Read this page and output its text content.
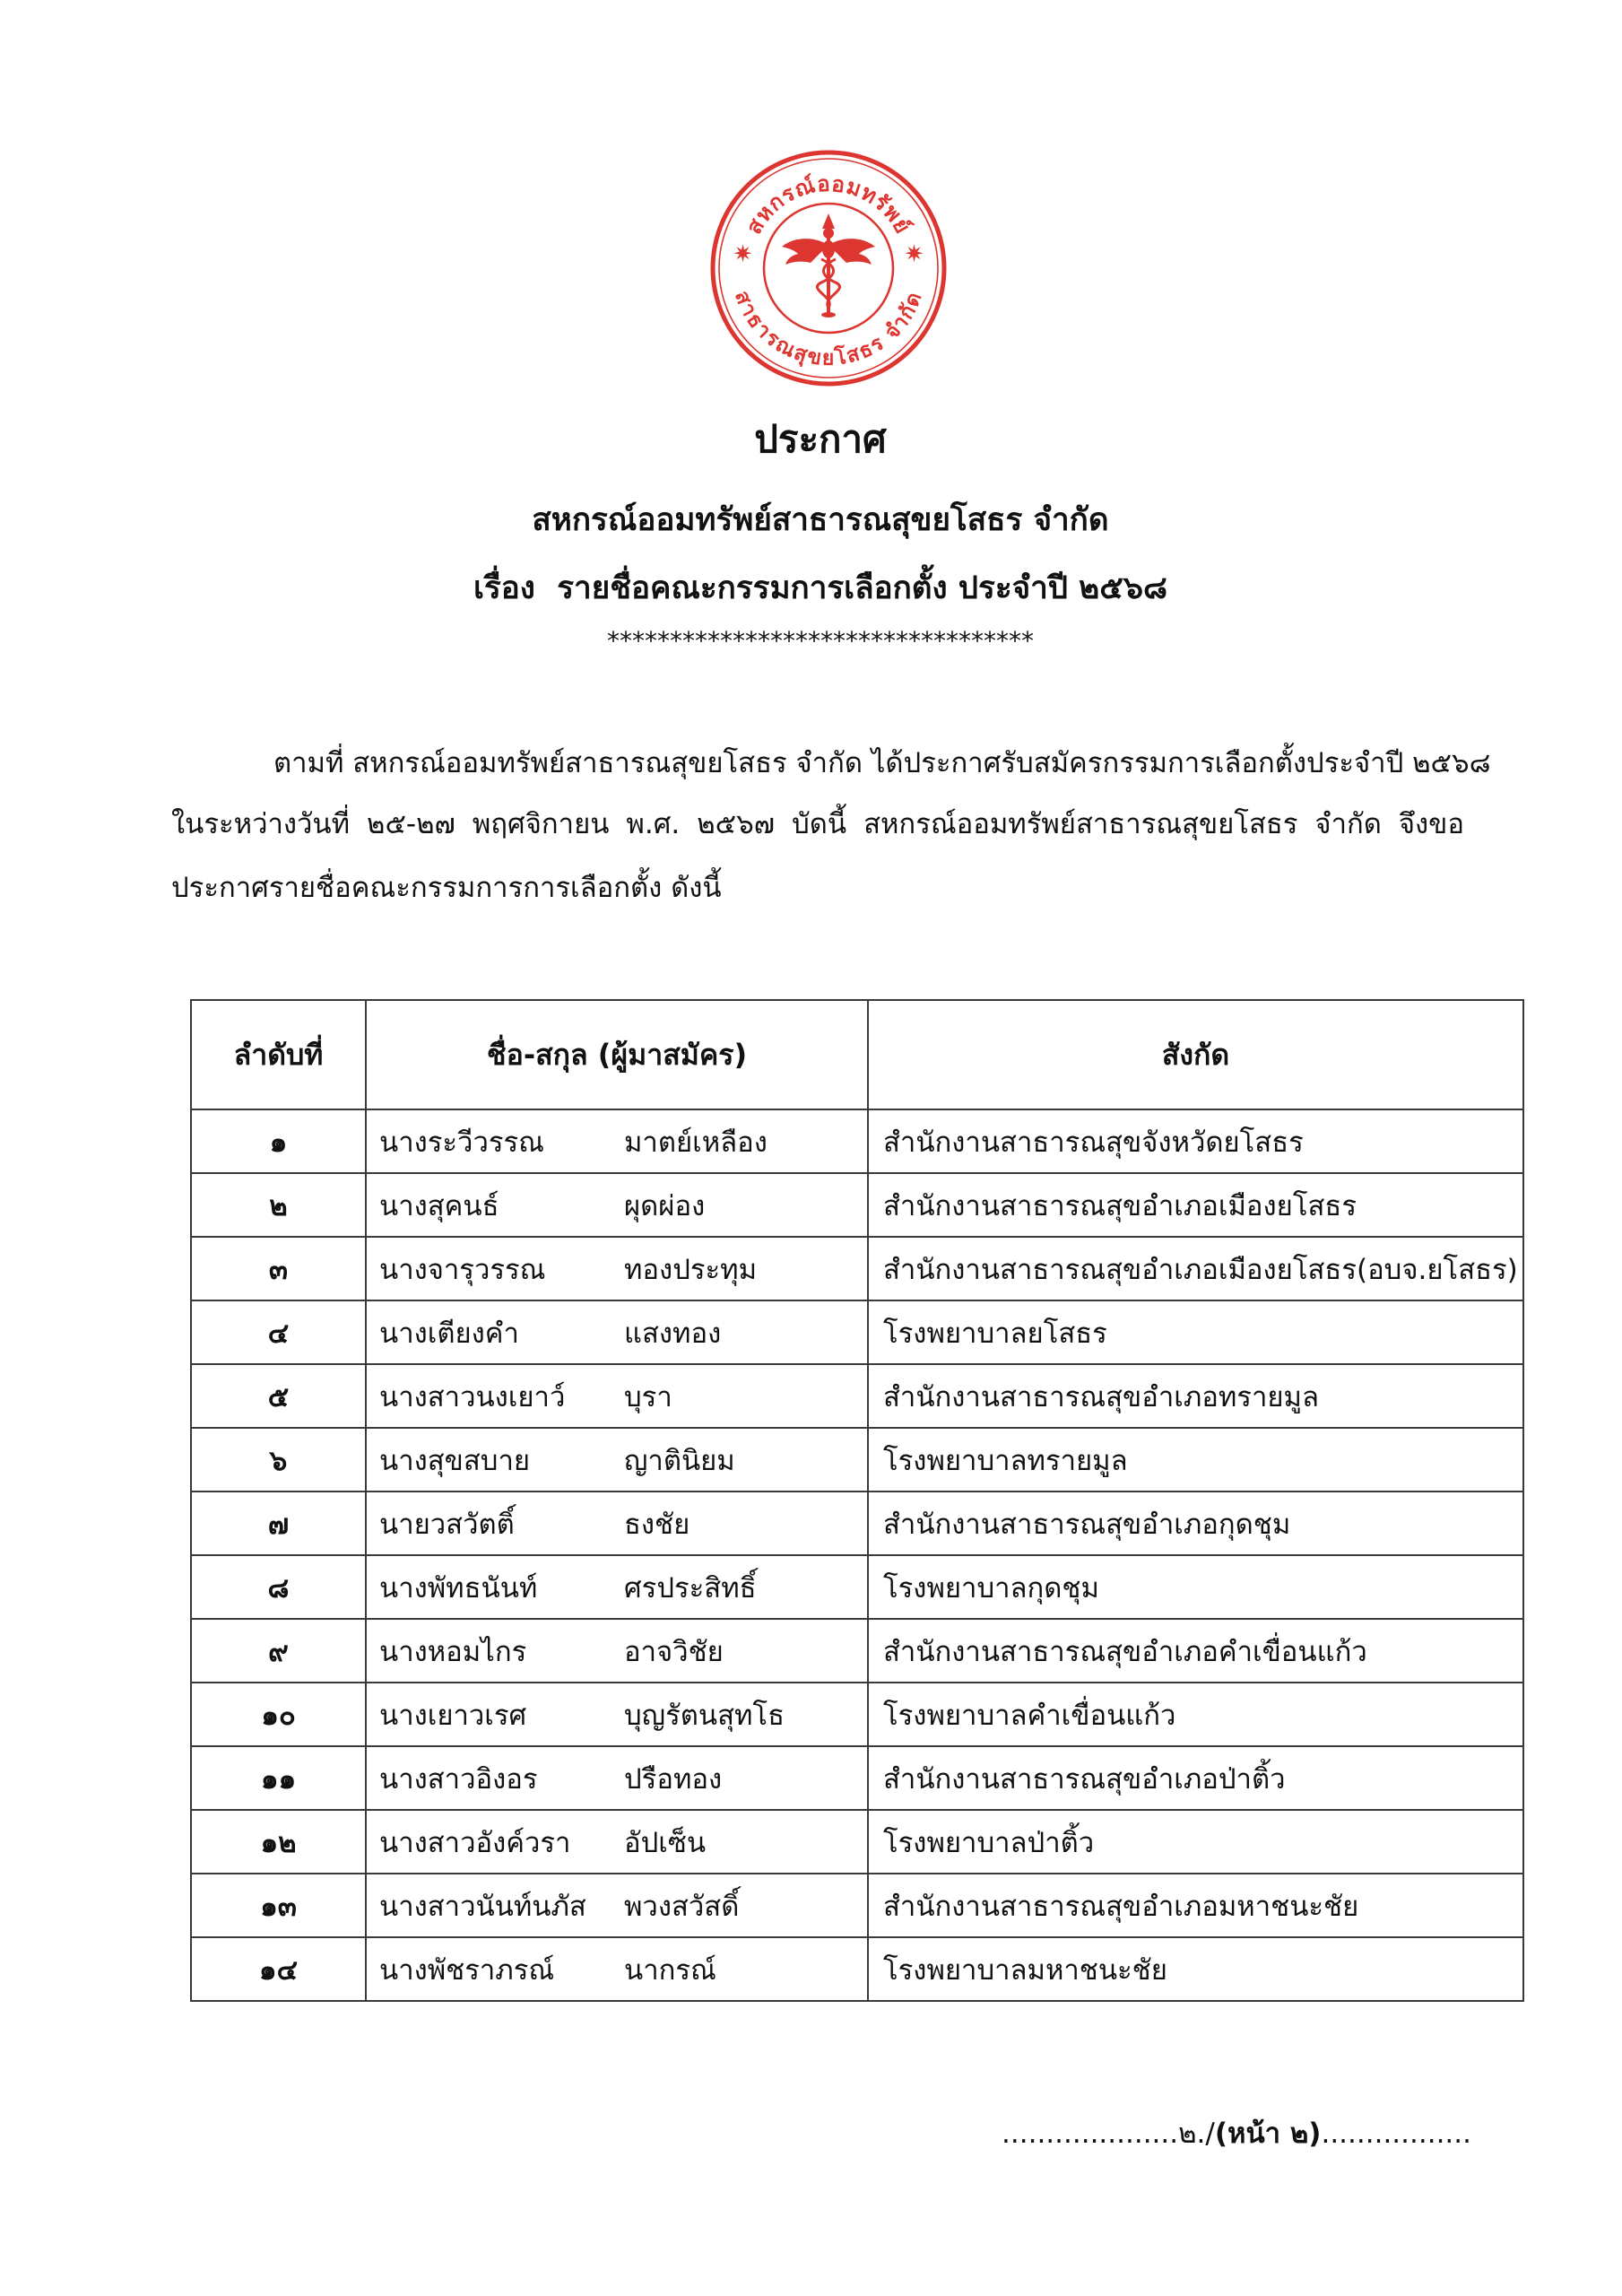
สหกรณ์ออมทรัพย์
สาธารณสุขยโสธร จำกัด
ประกาศ
สหกรณ์ออมทรัพย์สาธารณสุขยโสธร จำกัด
เรื่อง  รายชื่อคณะกรรมการเลือกตั้ง ประจำปี ๒๕๖๘
**********************************
ตามที่ สหกรณ์ออมทรัพย์สาธารณสุขยโสธร จำกัด ได้ประกาศรับสมัครกรรมการเลือกตั้งประจำปี ๒๕๖๘
ในระหว่างวันที่ ๒๕-๒๗ พฤศจิกายน พ.ศ. ๒๕๖๗ บัดนี้ สหกรณ์ออมทรัพย์สาธารณสุขยโสธร จำกัด จึงขอ
ประกาศรายชื่อคณะกรรมการการเลือกตั้ง ดังนี้
ลำดับที่	ชื่อ-สกุล (ผู้มาสมัคร)	สังกัด
๑	นางระวีวรรณ มาตย์เหลือง	สำนักงานสาธารณสุขจังหวัดยโสธร
๒	นางสุคนธ์ ผุดผ่อง	สำนักงานสาธารณสุขอำเภอเมืองยโสธร
๓	นางจารุวรรณ ทองประทุม	สำนักงานสาธารณสุขอำเภอเมืองยโสธร(อบจ.ยโสธร)
๔	นางเตียงคำ แสงทอง	โรงพยาบาลยโสธร
๕	นางสาวนงเยาว์ บุรา	สำนักงานสาธารณสุขอำเภอทรายมูล
๖	นางสุขสบาย ญาตินิยม	โรงพยาบาลทรายมูล
๗	นายวสวัตติ์ ธงชัย	สำนักงานสาธารณสุขอำเภอกุดชุม
๘	นางพัทธนันท์ ศรประสิทธิ์	โรงพยาบาลกุดชุม
๙	นางหอมไกร อาจวิชัย	สำนักงานสาธารณสุขอำเภอคำเขื่อนแก้ว
๑๐	นางเยาวเรศ บุญรัตนสุทโธ	โรงพยาบาลคำเขื่อนแก้ว
๑๑	นางสาวอิงอร ปรือทอง	สำนักงานสาธารณสุขอำเภอป่าติ้ว
๑๒	นางสาวอังค์วรา อัปเซ็น	โรงพยาบาลป่าติ้ว
๑๓	นางสาวนันท์นภัส พวงสวัสดิ์	สำนักงานสาธารณสุขอำเภอมหาชนะชัย
๑๔	นางพัชราภรณ์ นากรณ์	โรงพยาบาลมหาชนะชัย
....................๒./(หน้า ๒).................
